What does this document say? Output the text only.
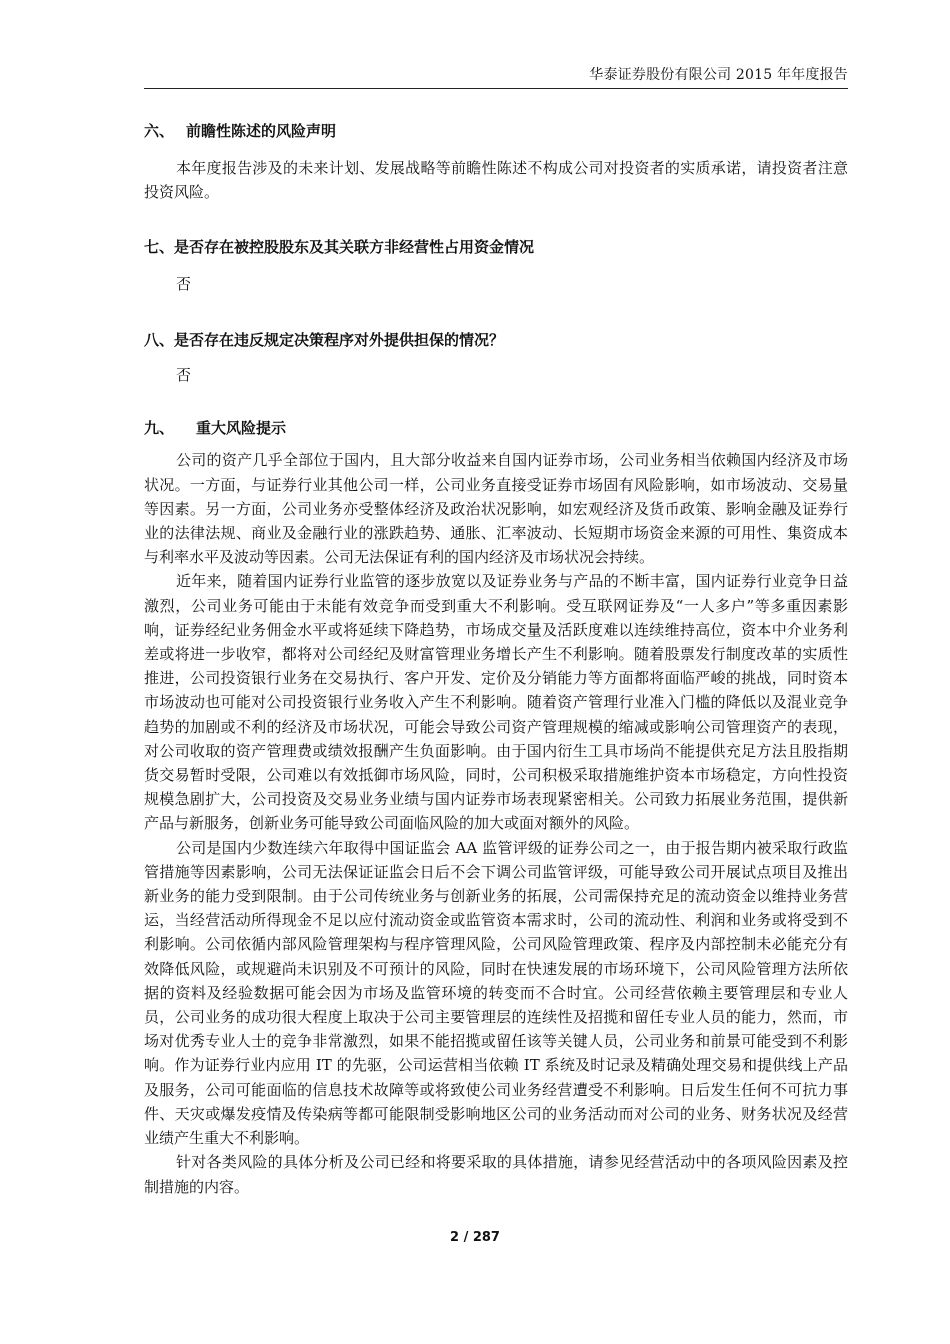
华泰证券股份有限公司 2015 年年度报告

六、 前瞻性陈述的风险声明

本年度报告涉及的未来计划、发展战略等前瞻性陈述不构成公司对投资者的实质承诺，请投资者注意投资风险。

七、是否存在被控股股东及其关联方非经营性占用资金情况

否

八、是否存在违反规定决策程序对外提供担保的情况？

否

九、 重大风险提示

公司的资产几乎全部位于国内，且大部分收益来自国内证券市场，公司业务相当依赖国内经济及市场状况。一方面，与证券行业其他公司一样，公司业务直接受证券市场固有风险影响，如市场波动、交易量等因素。另一方面，公司业务亦受整体经济及政治状况影响，如宏观经济及货币政策、影响金融及证券行业的法律法规、商业及金融行业的涨跌趋势、通胀、汇率波动、长短期市场资金来源的可用性、集资成本与利率水平及波动等因素。公司无法保证有利的国内经济及市场状况会持续。

近年来，随着国内证券行业监管的逐步放宽以及证券业务与产品的不断丰富，国内证券行业竞争日益激烈，公司业务可能由于未能有效竞争而受到重大不利影响。受互联网证券及“一人多户”等多重因素影响，证券经纪业务佣金水平或将延续下降趋势，市场成交量及活跃度难以连续维持高位，资本中介业务利差或将进一步收窄，都将对公司经纪及财富管理业务增长产生不利影响。随着股票发行制度改革的实质性推进，公司投资银行业务在交易执行、客户开发、定价及分销能力等方面都将面临严峻的挑战，同时资本市场波动也可能对公司投资银行业务收入产生不利影响。随着资产管理行业准入门槛的降低以及混业竞争趋势的加剧或不利的经济及市场状况，可能会导致公司资产管理规模的缩减或影响公司管理资产的表现，对公司收取的资产管理费或绩效报酬产生负面影响。由于国内衍生工具市场尚不能提供充足方法且股指期货交易暂时受限，公司难以有效抵御市场风险，同时，公司积极采取措施维护资本市场稳定，方向性投资规模急剧扩大，公司投资及交易业务业绩与国内证券市场表现紧密相关。公司致力拓展业务范围，提供新产品与新服务，创新业务可能导致公司面临风险的加大或面对额外的风险。

公司是国内少数连续六年取得中国证监会 AA 监管评级的证券公司之一，由于报告期内被采取行政监管措施等因素影响，公司无法保证证监会日后不会下调公司监管评级，可能导致公司开展试点项目及推出新业务的能力受到限制。由于公司传统业务与创新业务的拓展，公司需保持充足的流动资金以维持业务营运，当经营活动所得现金不足以应付流动资金或监管资本需求时，公司的流动性、利润和业务或将受到不利影响。公司依循内部风险管理架构与程序管理风险，公司风险管理政策、程序及内部控制未必能充分有效降低风险，或规避尚未识别及不可预计的风险，同时在快速发展的市场环境下，公司风险管理方法所依据的资料及经验数据可能会因为市场及监管环境的转变而不合时宜。公司经营依赖主要管理层和专业人员，公司业务的成功很大程度上取决于公司主要管理层的连续性及招揽和留任专业人员的能力，然而，市场对优秀专业人士的竞争非常激烈，如果不能招揽或留任该等关键人员，公司业务和前景可能受到不利影响。作为证券行业内应用 IT 的先驱，公司运营相当依赖 IT 系统及时记录及精确处理交易和提供线上产品及服务，公司可能面临的信息技术故障等或将致使公司业务经营遭受不利影响。日后发生任何不可抗力事件、天灾或爆发疫情及传染病等都可能限制受影响地区公司的业务活动而对公司的业务、财务状况及经营业绩产生重大不利影响。

针对各类风险的具体分析及公司已经和将要采取的具体措施，请参见经营活动中的各项风险因素及控制措施的内容。

2 / 287
